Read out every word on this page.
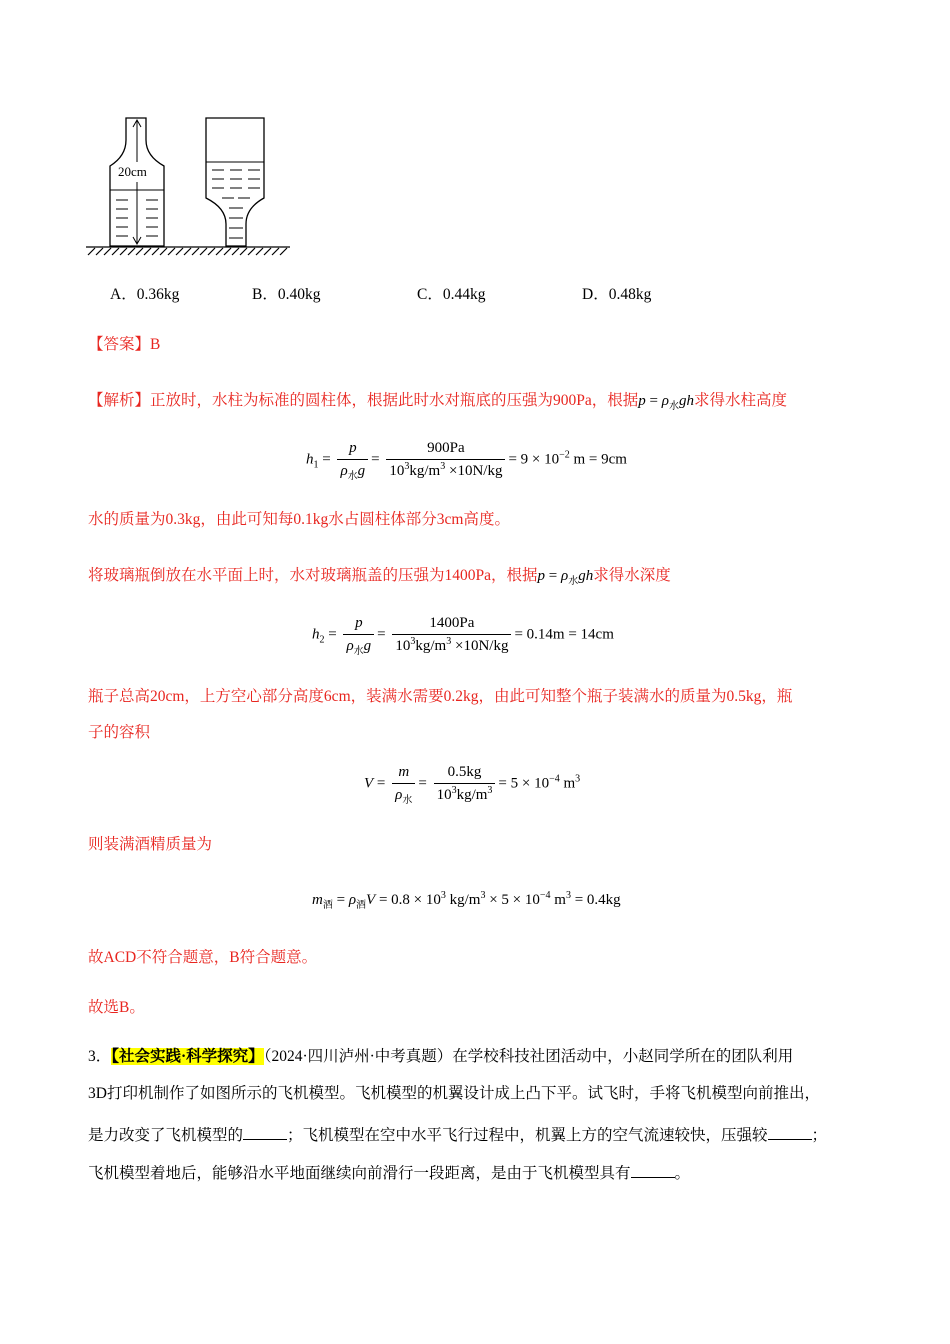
20cm
A．0.36kg	B．0.40kg	C．0.44kg	D．0.48kg
【答案】B
【解析】正放时，水柱为标准的圆柱体，根据此时水对瓶底的压强为900Pa，根据$p = \rho_水gh$求得水柱高度
$h_1 = \frac{p}{\rho_水g} = \frac{900Pa}{10^3kg/m^3 \times 10N/kg} = 9 \times 10^{-2}$ m = 9cm
水的质量为0.3kg，由此可知每0.1kg水占圆柱体部分3cm高度。
将玻璃瓶倒放在水平面上时，水对玻璃瓶盖的压强为1400Pa，根据$p = \rho_水gh$求得水深度
$h_2 = \frac{p}{\rho_水g} = \frac{1400Pa}{10^3kg/m^3 \times 10N/kg} = 0.14m = 14cm$
瓶子总高20cm，上方空心部分高度6cm，装满水需要0.2kg，由此可知整个瓶子装满水的质量为0.5kg，瓶
子的容积
$V = \frac{m}{\rho_水} = \frac{0.5kg}{10^3kg/m^3} = 5 \times 10^{-4}$ $m^3$
则装满酒精质量为
$m_酒 = \rho_酒V = 0.8 \times 10^3$ $kg/m^3 \times 5 \times 10^{-4}$ $m^3 = 0.4kg$
故ACD不符合题意，B符合题意。
故选B。
3．【社会实践·科学探究】（2024·四川泸州·中考真题）在学校科技社团活动中，小赵同学所在的团队利用
3D打印机制作了如图所示的飞机模型。飞机模型的机翼设计成上凸下平。试飞时，手将飞机模型向前推出，
是力改变了飞机模型的	；飞机模型在空中水平飞行过程中，机翼上方的空气流速较快，压强较	；
飞机模型着地后，能够沿水平地面继续向前滑行一段距离，是由于飞机模型具有	。
